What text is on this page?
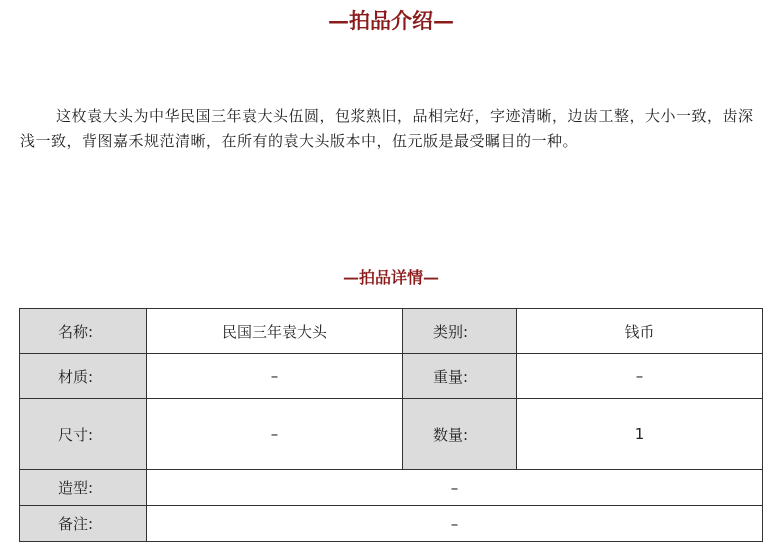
—拍品介绍—

这枚袁大头为中华民国三年袁大头伍圆，包浆熟旧，品相完好，字迹清晰，边齿工整，大小一致，齿深浅一致，背图嘉禾规范清晰，在所有的袁大头版本中，伍元版是最受瞩目的一种。

—拍品详情—
名称:	民国三年袁大头	类别:	钱币
材质:	–	重量:	–
尺寸:	–	数量:	1
造型:	–		
备注:	–		
